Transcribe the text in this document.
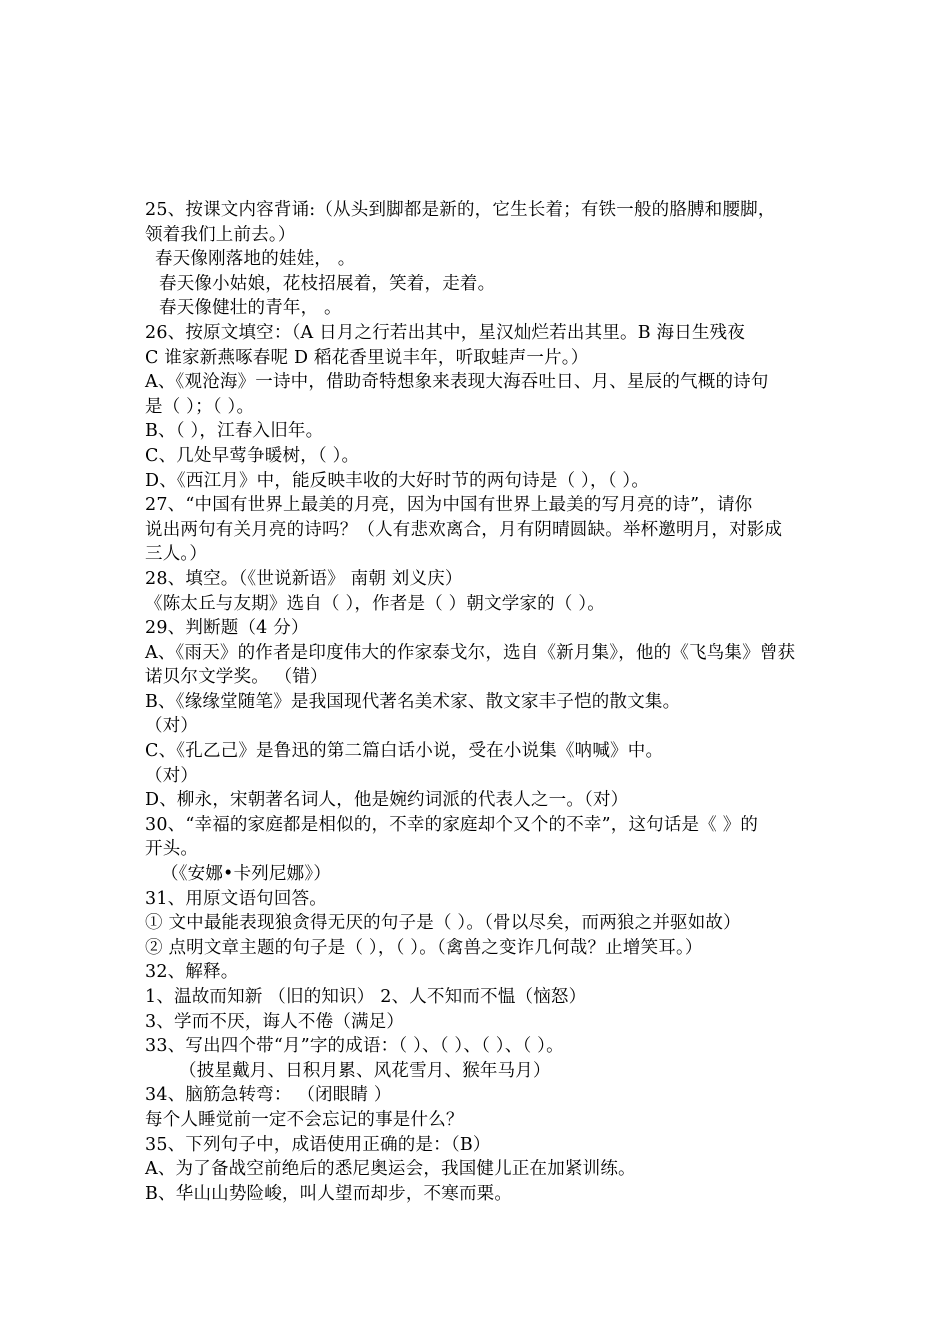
25、按课文内容背诵:（从头到脚都是新的，它生长着；有铁一般的胳膊和腰脚，
领着我们上前去。）
春天像刚落地的娃娃， 。
春天像小姑娘，花枝招展着，笑着，走着。
春天像健壮的青年， 。
26、按原文填空：（A 日月之行若出其中，星汉灿烂若出其里。B 海日生残夜
C 谁家新燕啄春呢 D 稻花香里说丰年，听取蛙声一片。）
A、《观沧海》一诗中，借助奇特想象来表现大海吞吐日、月、星辰的气概的诗句
是（ ）；（ ）。
B、（ ），江春入旧年。
C、几处早莺争暖树，（ ）。
D、《西江月》中，能反映丰收的大好时节的两句诗是（ ），（ ）。
27、“中国有世界上最美的月亮，因为中国有世界上最美的写月亮的诗”，请你
说出两句有关月亮的诗吗？（人有悲欢离合，月有阴晴圆缺。举杯邀明月，对影成
三人。）
28、填空。（《世说新语》 南朝 刘义庆）
《陈太丘与友期》选自（ ），作者是（ ）朝文学家的（ ）。
29、判断题（4 分）
A、《雨天》的作者是印度伟大的作家泰戈尔，选自《新月集》，他的《飞鸟集》曾获
诺贝尔文学奖。 （错）
B、《缘缘堂随笔》是我国现代著名美术家、散文家丰子恺的散文集。
（对）
C、《孔乙己》是鲁迅的第二篇白话小说，受在小说集《呐喊》中。
（对）
D、柳永，宋朝著名词人，他是婉约词派的代表人之一。（对）
30、“幸福的家庭都是相似的，不幸的家庭却个又个的不幸”，这句话是《 》的
开头。
（《安娜•卡列尼娜》）
31、用原文语句回答。
① 文中最能表现狼贪得无厌的句子是（ ）。（骨以尽矣，而两狼之并驱如故）
② 点明文章主题的句子是（ ），（ ）。（禽兽之变诈几何哉？止增笑耳。）
32、解释。
1、温故而知新 （旧的知识） 2、人不知而不愠（恼怒）
3、学而不厌，诲人不倦（满足）
33、写出四个带“月”字的成语：（ ）、（ ）、（ ）、（ ）。
（披星戴月、日积月累、风花雪月、猴年马月）
34、脑筋急转弯： （闭眼睛 ）
每个人睡觉前一定不会忘记的事是什么？
35、下列句子中，成语使用正确的是：（B）
A、为了备战空前绝后的悉尼奥运会，我国健儿正在加紧训练。
B、华山山势险峻，叫人望而却步，不寒而栗。
